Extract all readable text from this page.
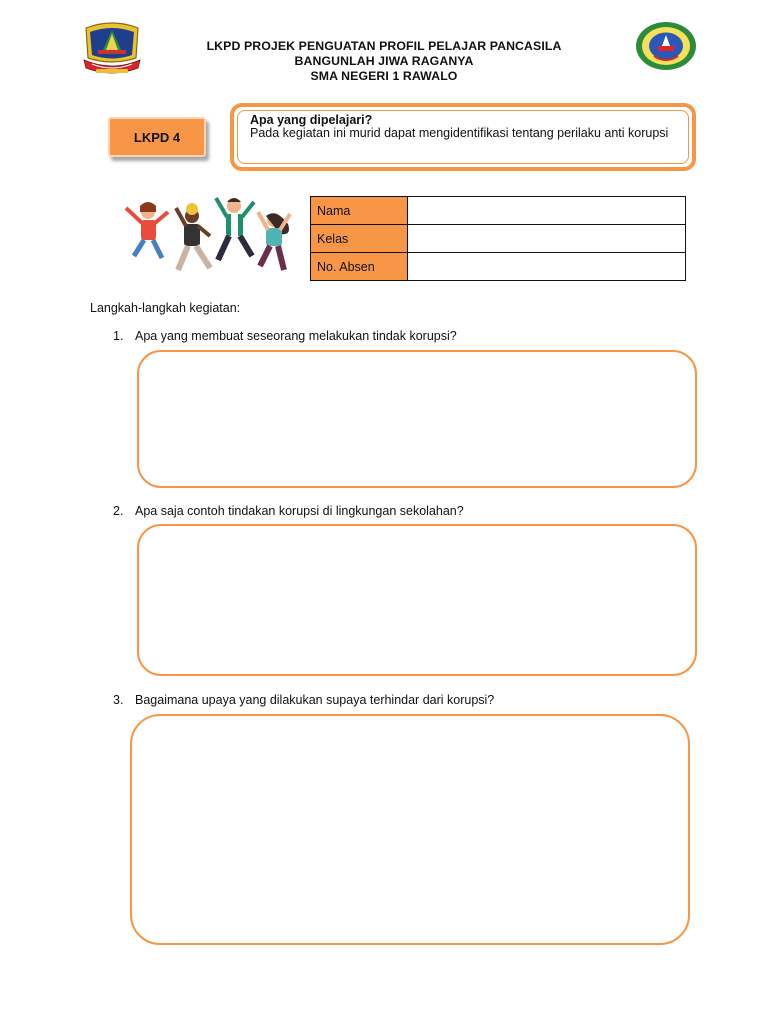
LKPD PROJEK PENGUATAN PROFIL PELAJAR PANCASILA
BANGUNLAH JIWA RAGANYA
SMA NEGERI 1 RAWALO
LKPD 4
Apa yang dipelajari?
Pada kegiatan ini murid dapat mengidentifikasi tentang perilaku anti korupsi
Nama	
Kelas	
No. Absen	
Langkah-langkah kegiatan:
1. Apa yang membuat seseorang melakukan tindak korupsi?
2. Apa saja contoh tindakan korupsi di lingkungan sekolahan?
3. Bagaimana upaya yang dilakukan supaya terhindar dari korupsi?
